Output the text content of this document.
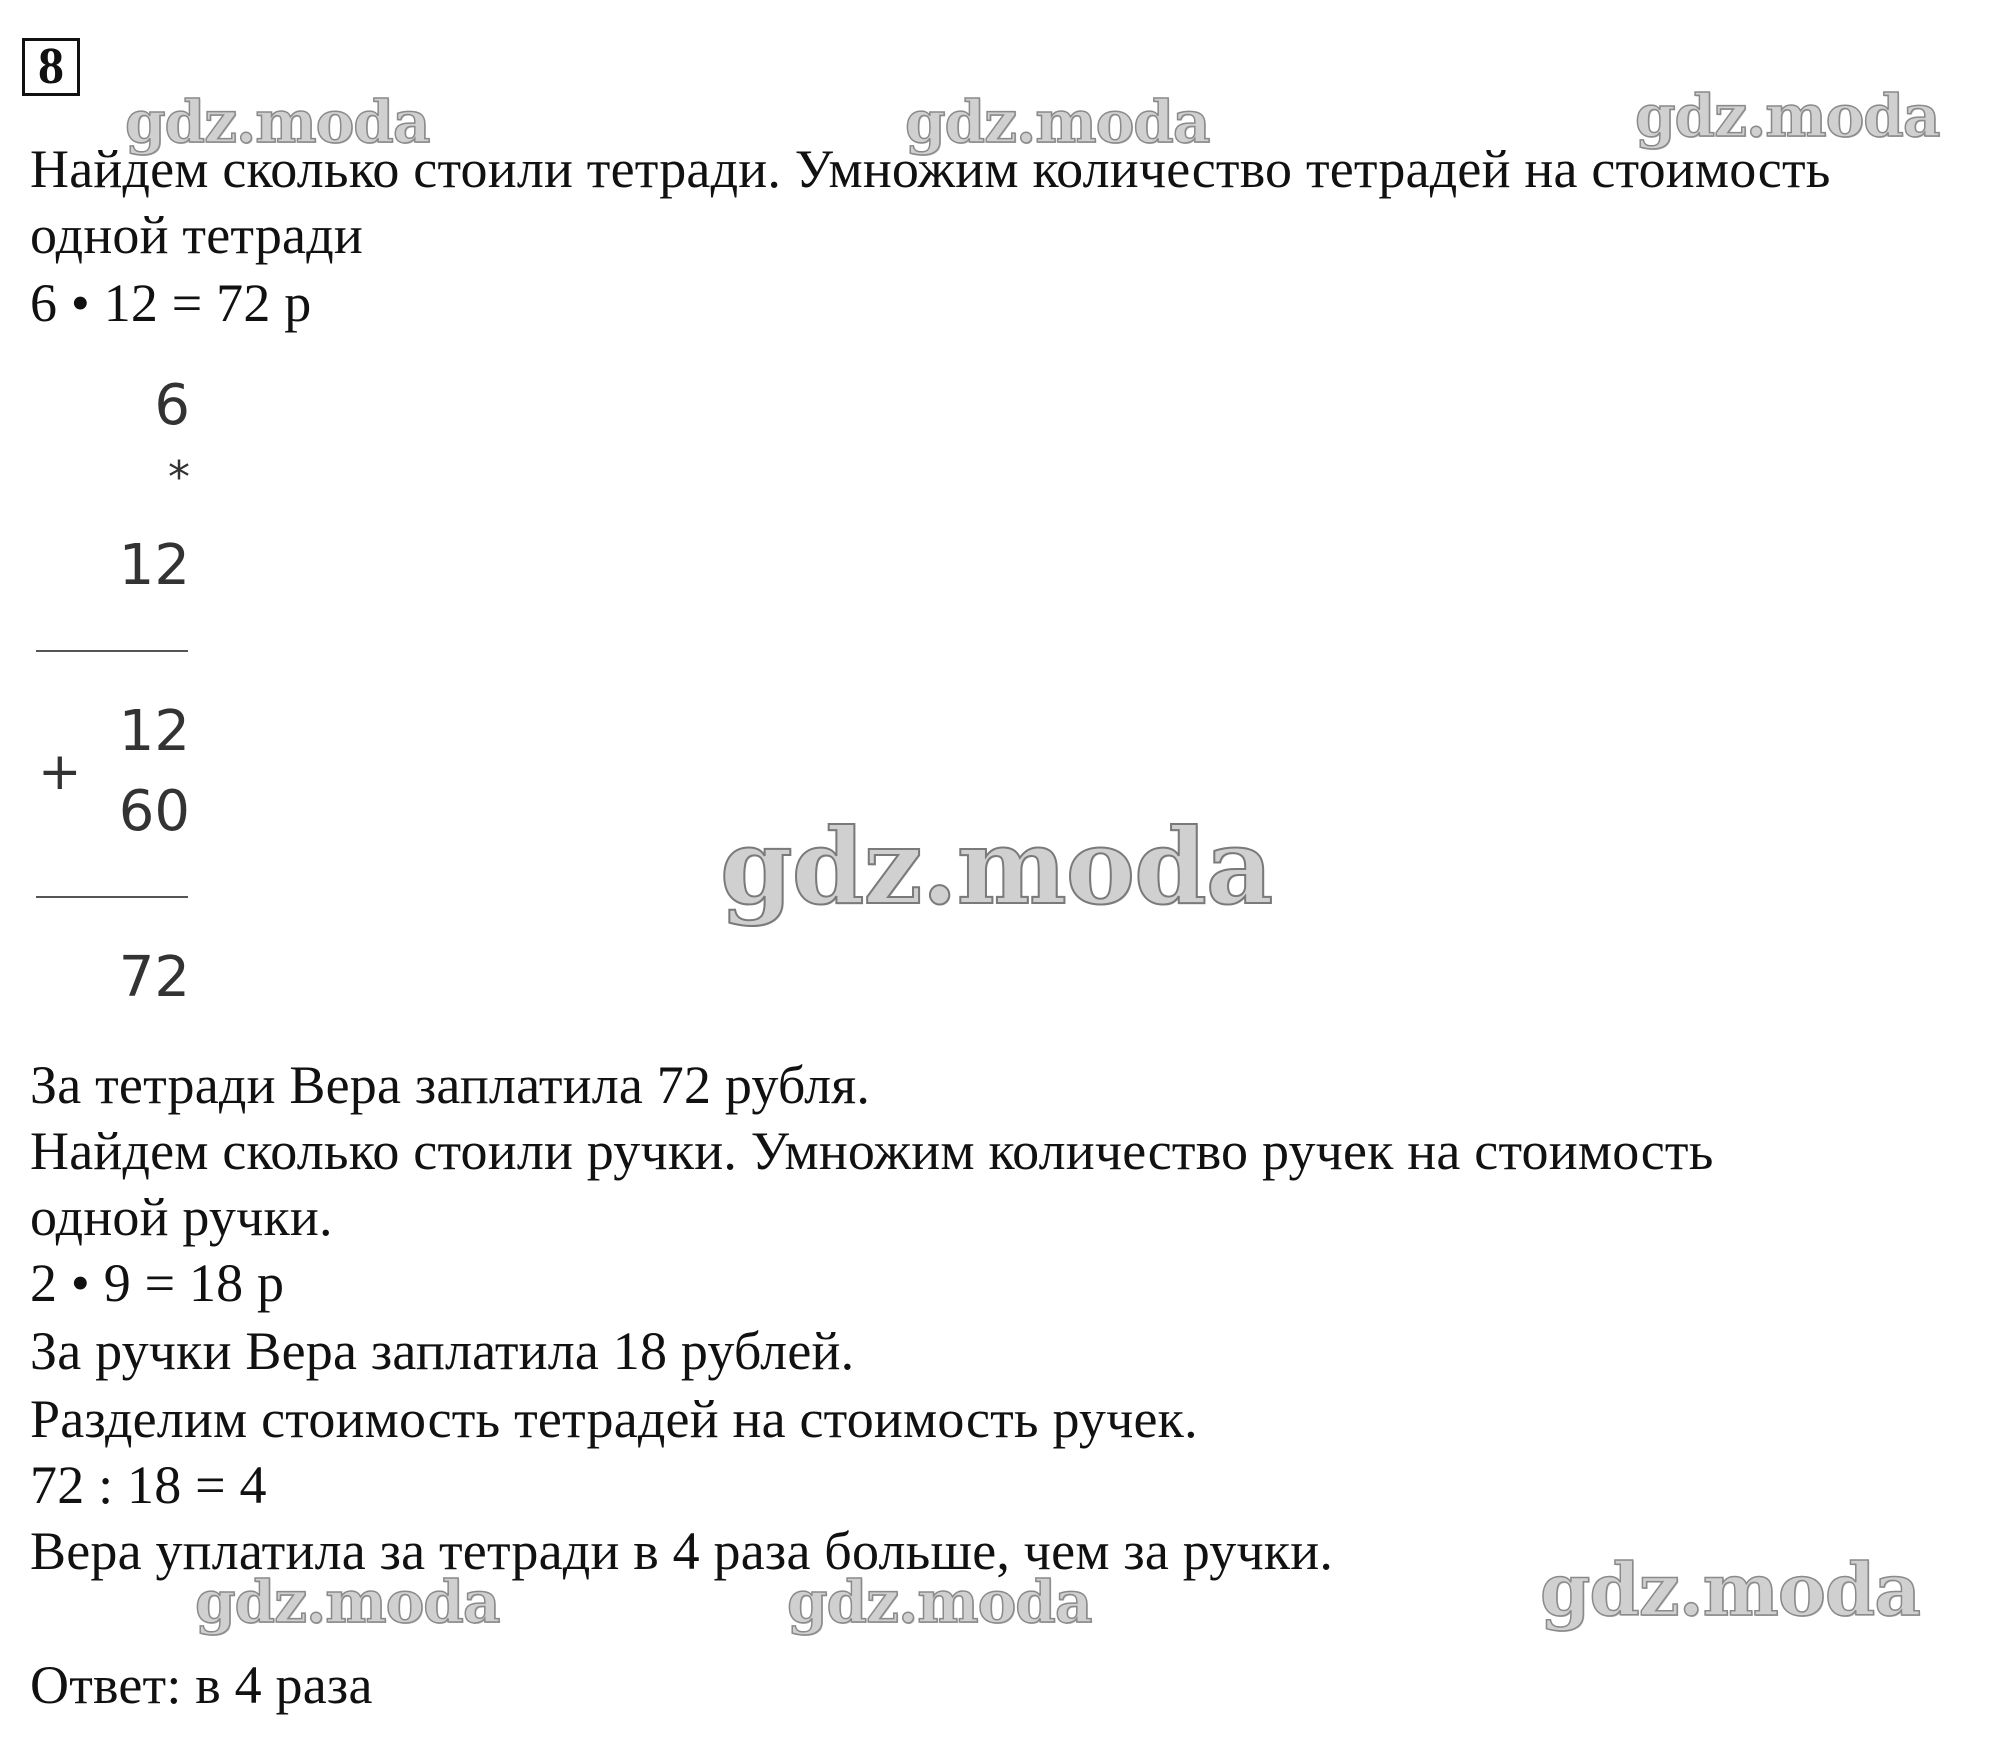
8
gdz.moda	gdz.moda	gdz.moda
gdz.moda
gdz.moda	gdz.moda	gdz.moda
Найдем сколько стоили тетради. Умножим количество тетрадей на стоимость
одной тетради
6 • 12 = 72 р
6
*
12
12
+
60
72
За тетради Вера заплатила 72 рубля.
Найдем сколько стоили ручки. Умножим количество ручек на стоимость
одной ручки.
2 • 9 = 18 р
За ручки Вера заплатила 18 рублей.
Разделим стоимость тетрадей на стоимость ручек.
72 : 18 = 4
Вера уплатила за тетради в 4 раза больше, чем за ручки.
Ответ: в 4 раза
